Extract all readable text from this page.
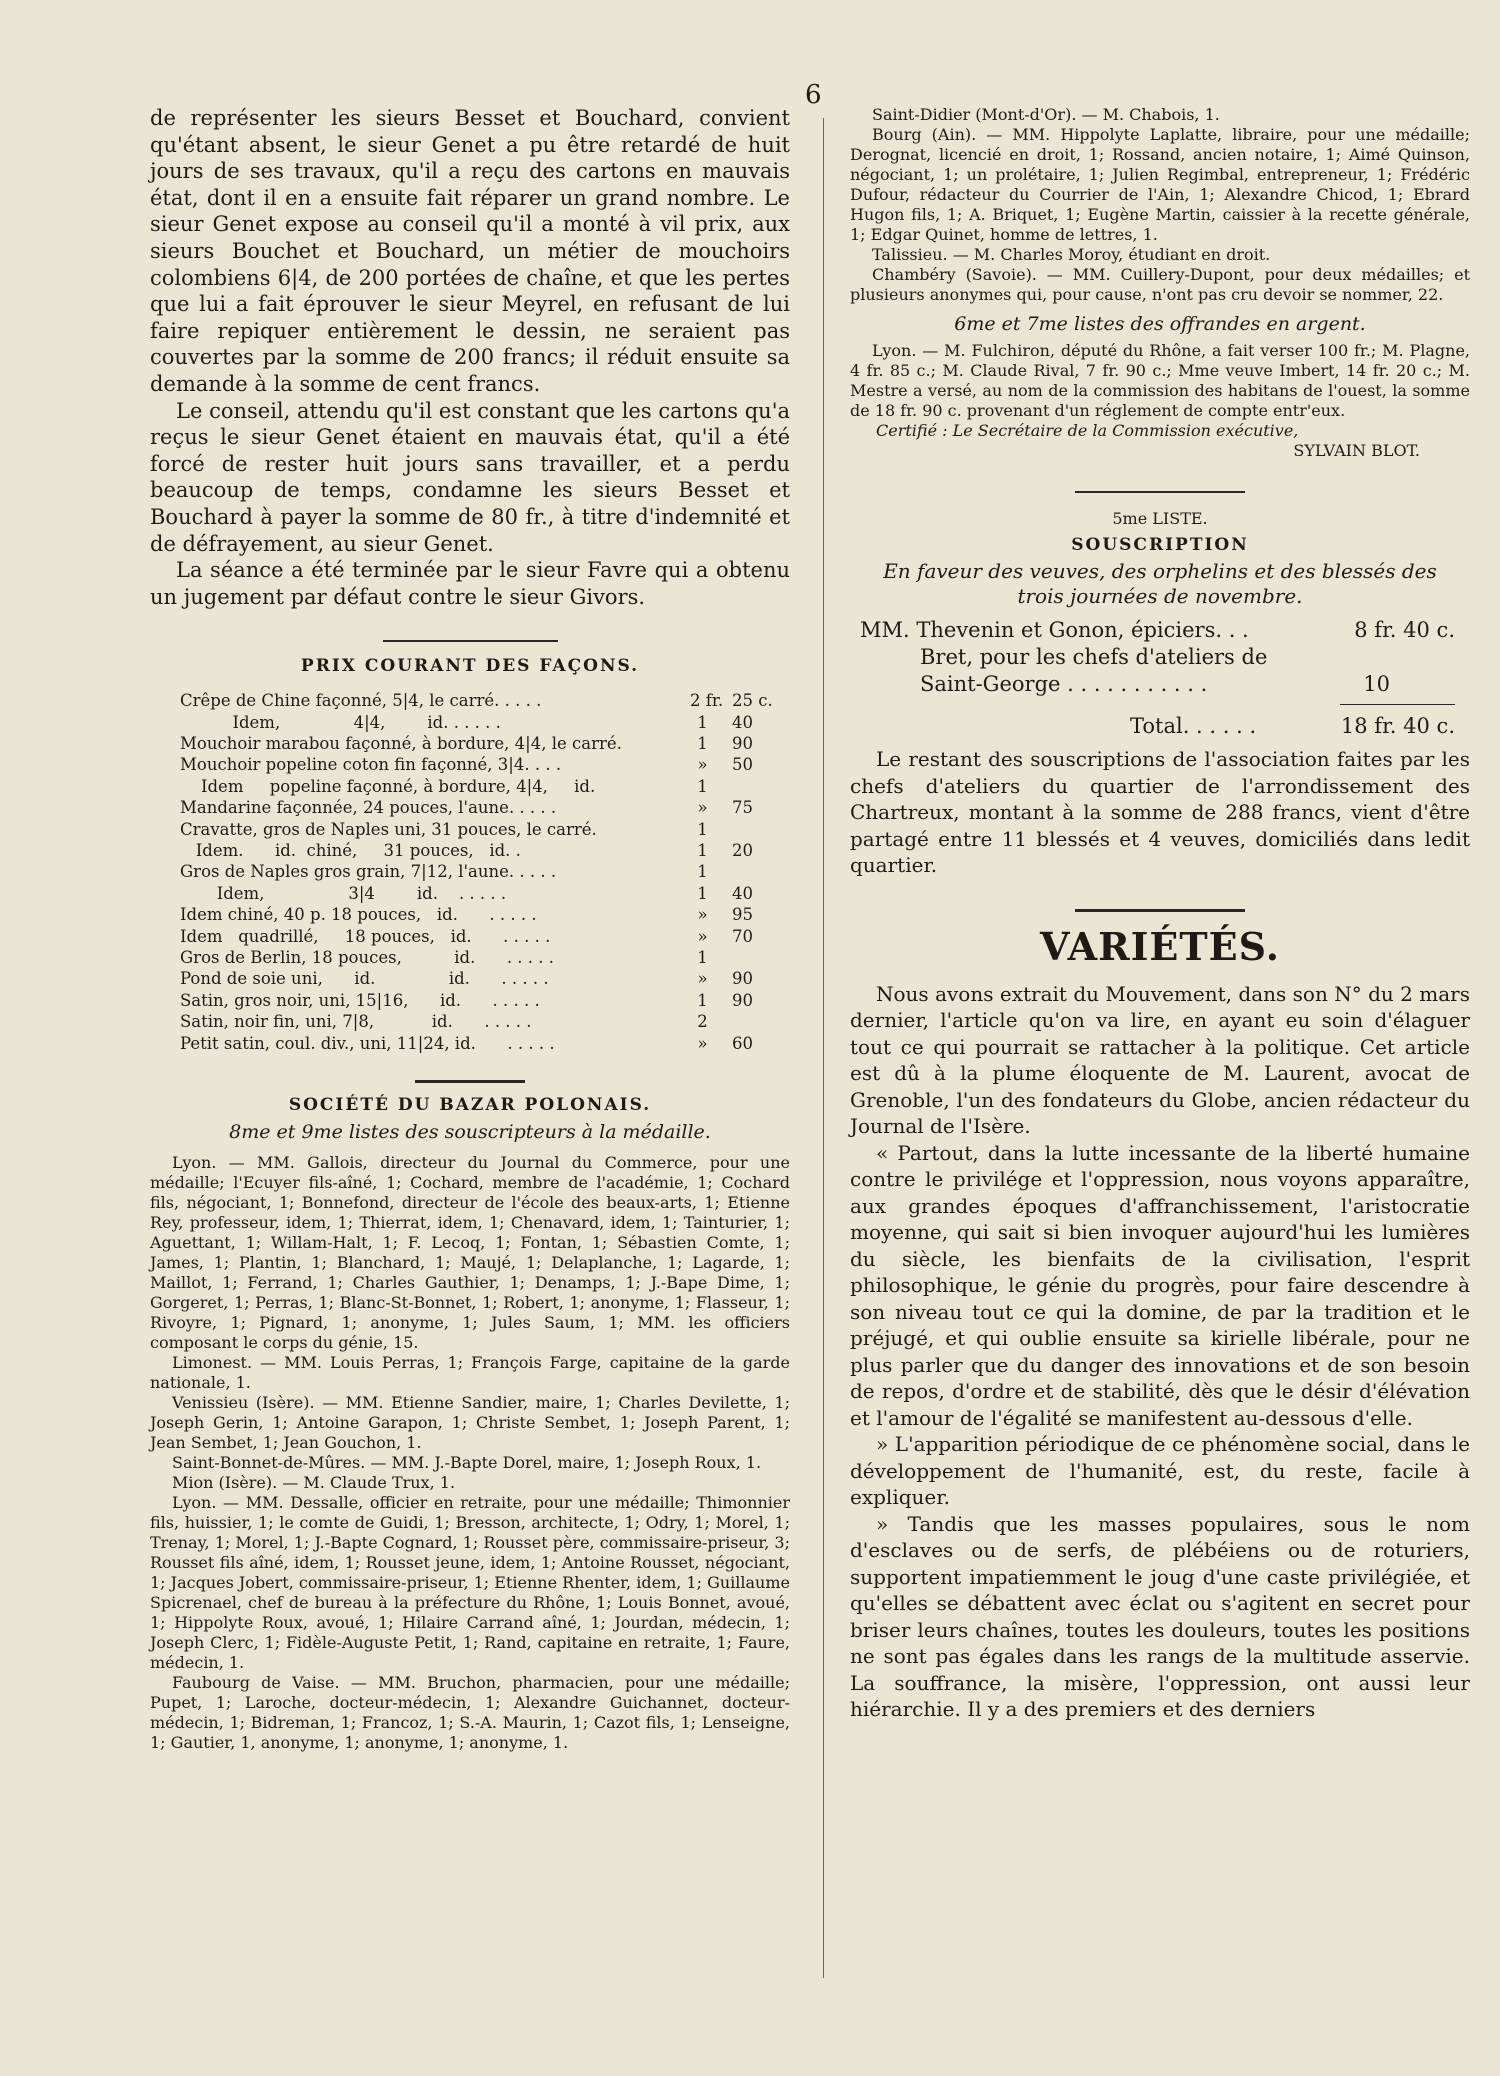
6

de représenter les sieurs Besset et Bouchard, convient qu'étant absent, le sieur Genet a pu être retardé de huit jours de ses travaux, qu'il a reçu des cartons en mauvais état, dont il en a ensuite fait réparer un grand nombre. Le sieur Genet expose au conseil qu'il a monté à vil prix, aux sieurs Bouchet et Bouchard, un métier de mouchoirs colombiens 6|4, de 200 portées de chaîne, et que les pertes que lui a fait éprouver le sieur Meyrel, en refusant de lui faire repiquer entièrement le dessin, ne seraient pas couvertes par la somme de 200 francs; il réduit ensuite sa demande à la somme de cent francs.

Le conseil, attendu qu'il est constant que les cartons qu'a reçus le sieur Genet étaient en mauvais état, qu'il a été forcé de rester huit jours sans travailler, et a perdu beaucoup de temps, condamne les sieurs Besset et Bouchard à payer la somme de 80 fr., à titre d'indemnité et de défrayement, au sieur Genet.

La séance a été terminée par le sieur Favre qui a obtenu un jugement par défaut contre le sieur Givors.

PRIX COURANT DES FAÇONS.
Crêpe de Chine façonné, 5|4, le carré. . . . .	2 fr. 25 c.
Idem,              4|4,        id. . . . . .	1	40
Mouchoir marabou façonné, à bordure, 4|4, le carré.	1	90
Mouchoir popeline coton fin façonné, 3|4. . . .	»	50
Idem     popeline façonné, à bordure, 4|4,     id.	1
Mandarine façonnée, 24 pouces, l'aune. . . . .	»	75
Cravatte, gros de Naples uni, 31 pouces, le carré.	1
Idem.      id.  chiné,     31 pouces,   id. .	1	20
Gros de Naples gros grain, 7|12, l'aune. . . . .	1
Idem,                3|4        id.    . . . . .	1	40
Idem chiné, 40 p. 18 pouces,   id.      . . . . .	»	95
Idem   quadrillé,     18 pouces,   id.      . . . . .	»	70
Gros de Berlin, 18 pouces,          id.      . . . . .	1
Pond de soie uni,      id.              id.      . . . . .	»	90
Satin, gros noir, uni, 15|16,      id.      . . . . .	1	90
Satin, noir fin, uni, 7|8,           id.      . . . . .	2
Petit satin, coul. div., uni, 11|24, id.      . . . . .	»	60
SOCIÉTÉ DU BAZAR POLONAIS.
8me et 9me listes des souscripteurs à la médaille.

Lyon. — MM. Gallois, directeur du Journal du Commerce, pour une médaille; l'Ecuyer fils-aîné, 1; Cochard, membre de l'académie, 1; Cochard fils, négociant, 1; Bonnefond, directeur de l'école des beaux-arts, 1; Etienne Rey, professeur, idem, 1; Thierrat, idem, 1; Chenavard, idem, 1; Tainturier, 1; Aguettant, 1; Willam-Halt, 1; F. Lecoq, 1; Fontan, 1; Sébastien Comte, 1; James, 1; Plantin, 1; Blanchard, 1; Maujé, 1; Delaplanche, 1; Lagarde, 1; Maillot, 1; Ferrand, 1; Charles Gauthier, 1; Denamps, 1; J.-Bape Dime, 1; Gorgeret, 1; Perras, 1; Blanc-St-Bonnet, 1; Robert, 1; anonyme, 1; Flasseur, 1; Rivoyre, 1; Pignard, 1; anonyme, 1; Jules Saum, 1; MM. les officiers composant le corps du génie, 15.

Limonest. — MM. Louis Perras, 1; François Farge, capitaine de la garde nationale, 1.

Venissieu (Isère). — MM. Etienne Sandier, maire, 1; Charles Devilette, 1; Joseph Gerin, 1; Antoine Garapon, 1; Christe Sembet, 1; Joseph Parent, 1; Jean Sembet, 1; Jean Gouchon, 1.

Saint-Bonnet-de-Mûres. — MM. J.-Bapte Dorel, maire, 1; Joseph Roux, 1.

Mion (Isère). — M. Claude Trux, 1.

Lyon. — MM. Dessalle, officier en retraite, pour une médaille; Thimonnier fils, huissier, 1; le comte de Guidi, 1; Bresson, architecte, 1; Odry, 1; Morel, 1; Trenay, 1; Morel, 1; J.-Bapte Cognard, 1; Rousset père, commissaire-priseur, 3; Rousset fils aîné, idem, 1; Rousset jeune, idem, 1; Antoine Rousset, négociant, 1; Jacques Jobert, commissaire-priseur, 1; Etienne Rhenter, idem, 1; Guillaume Spicrenael, chef de bureau à la préfecture du Rhône, 1; Louis Bonnet, avoué, 1; Hippolyte Roux, avoué, 1; Hilaire Carrand aîné, 1; Jourdan, médecin, 1; Joseph Clerc, 1; Fidèle-Auguste Petit, 1; Rand, capitaine en retraite, 1; Faure, médecin, 1.

Faubourg de Vaise. — MM. Bruchon, pharmacien, pour une médaille; Pupet, 1; Laroche, docteur-médecin, 1; Alexandre Guichannet, docteur-médecin, 1; Bidreman, 1; Francoz, 1; S.-A. Maurin, 1; Cazot fils, 1; Lenseigne, 1; Gautier, 1, anonyme, 1; anonyme, 1; anonyme, 1.

Saint-Didier (Mont-d'Or). — M. Chabois, 1.

Bourg (Ain). — MM. Hippolyte Laplatte, libraire, pour une médaille; Derognat, licencié en droit, 1; Rossand, ancien notaire, 1; Aimé Quinson, négociant, 1; un prolétaire, 1; Julien Regimbal, entrepreneur, 1; Frédéric Dufour, rédacteur du Courrier de l'Ain, 1; Alexandre Chicod, 1; Ebrard Hugon fils, 1; A. Briquet, 1; Eugène Martin, caissier à la recette générale, 1; Edgar Quinet, homme de lettres, 1.

Talissieu. — M. Charles Moroy, étudiant en droit.

Chambéry (Savoie). — MM. Cuillery-Dupont, pour deux médailles; et plusieurs anonymes qui, pour cause, n'ont pas cru devoir se nommer, 22.

6me et 7me listes des offrandes en argent.

Lyon. — M. Fulchiron, député du Rhône, a fait verser 100 fr.; M. Plagne, 4 fr. 85 c.; M. Claude Rival, 7 fr. 90 c.; Mme veuve Imbert, 14 fr. 20 c.; M. Mestre a versé, au nom de la commission des habitans de l'ouest, la somme de 18 fr. 90 c. provenant d'un réglement de compte entr'eux.

Certifié : Le Secrétaire de la Commission exécutive,

SYLVAIN BLOT.
5me LISTE.
SOUSCRIPTION
En faveur des veuves, des orphelins et des blessés des trois journées de novembre.
MM. Thevenin et Gonon, épiciers. . .	8 fr. 40 c.
Bret, pour les chefs d'ateliers de
Saint-George . . . . . . . . . . .	10
Total. . . . . .	18 fr. 40 c.

Le restant des souscriptions de l'association faites par les chefs d'ateliers du quartier de l'arrondissement des Chartreux, montant à la somme de 288 francs, vient d'être partagé entre 11 blessés et 4 veuves, domiciliés dans ledit quartier.

VARIÉTÉS.

Nous avons extrait du Mouvement, dans son N° du 2 mars dernier, l'article qu'on va lire, en ayant eu soin d'élaguer tout ce qui pourrait se rattacher à la politique. Cet article est dû à la plume éloquente de M. Laurent, avocat de Grenoble, l'un des fondateurs du Globe, ancien rédacteur du Journal de l'Isère.

« Partout, dans la lutte incessante de la liberté humaine contre le privilége et l'oppression, nous voyons apparaître, aux grandes époques d'affranchissement, l'aristocratie moyenne, qui sait si bien invoquer aujourd'hui les lumières du siècle, les bienfaits de la civilisation, l'esprit philosophique, le génie du progrès, pour faire descendre à son niveau tout ce qui la domine, de par la tradition et le préjugé, et qui oublie ensuite sa kirielle libérale, pour ne plus parler que du danger des innovations et de son besoin de repos, d'ordre et de stabilité, dès que le désir d'élévation et l'amour de l'égalité se manifestent au-dessous d'elle.

» L'apparition périodique de ce phénomène social, dans le développement de l'humanité, est, du reste, facile à expliquer.

» Tandis que les masses populaires, sous le nom d'esclaves ou de serfs, de plébéiens ou de roturiers, supportent impatiemment le joug d'une caste privilégiée, et qu'elles se débattent avec éclat ou s'agitent en secret pour briser leurs chaînes, toutes les douleurs, toutes les positions ne sont pas égales dans les rangs de la multitude asservie. La souffrance, la misère, l'oppression, ont aussi leur hiérarchie. Il y a des premiers et des derniers
